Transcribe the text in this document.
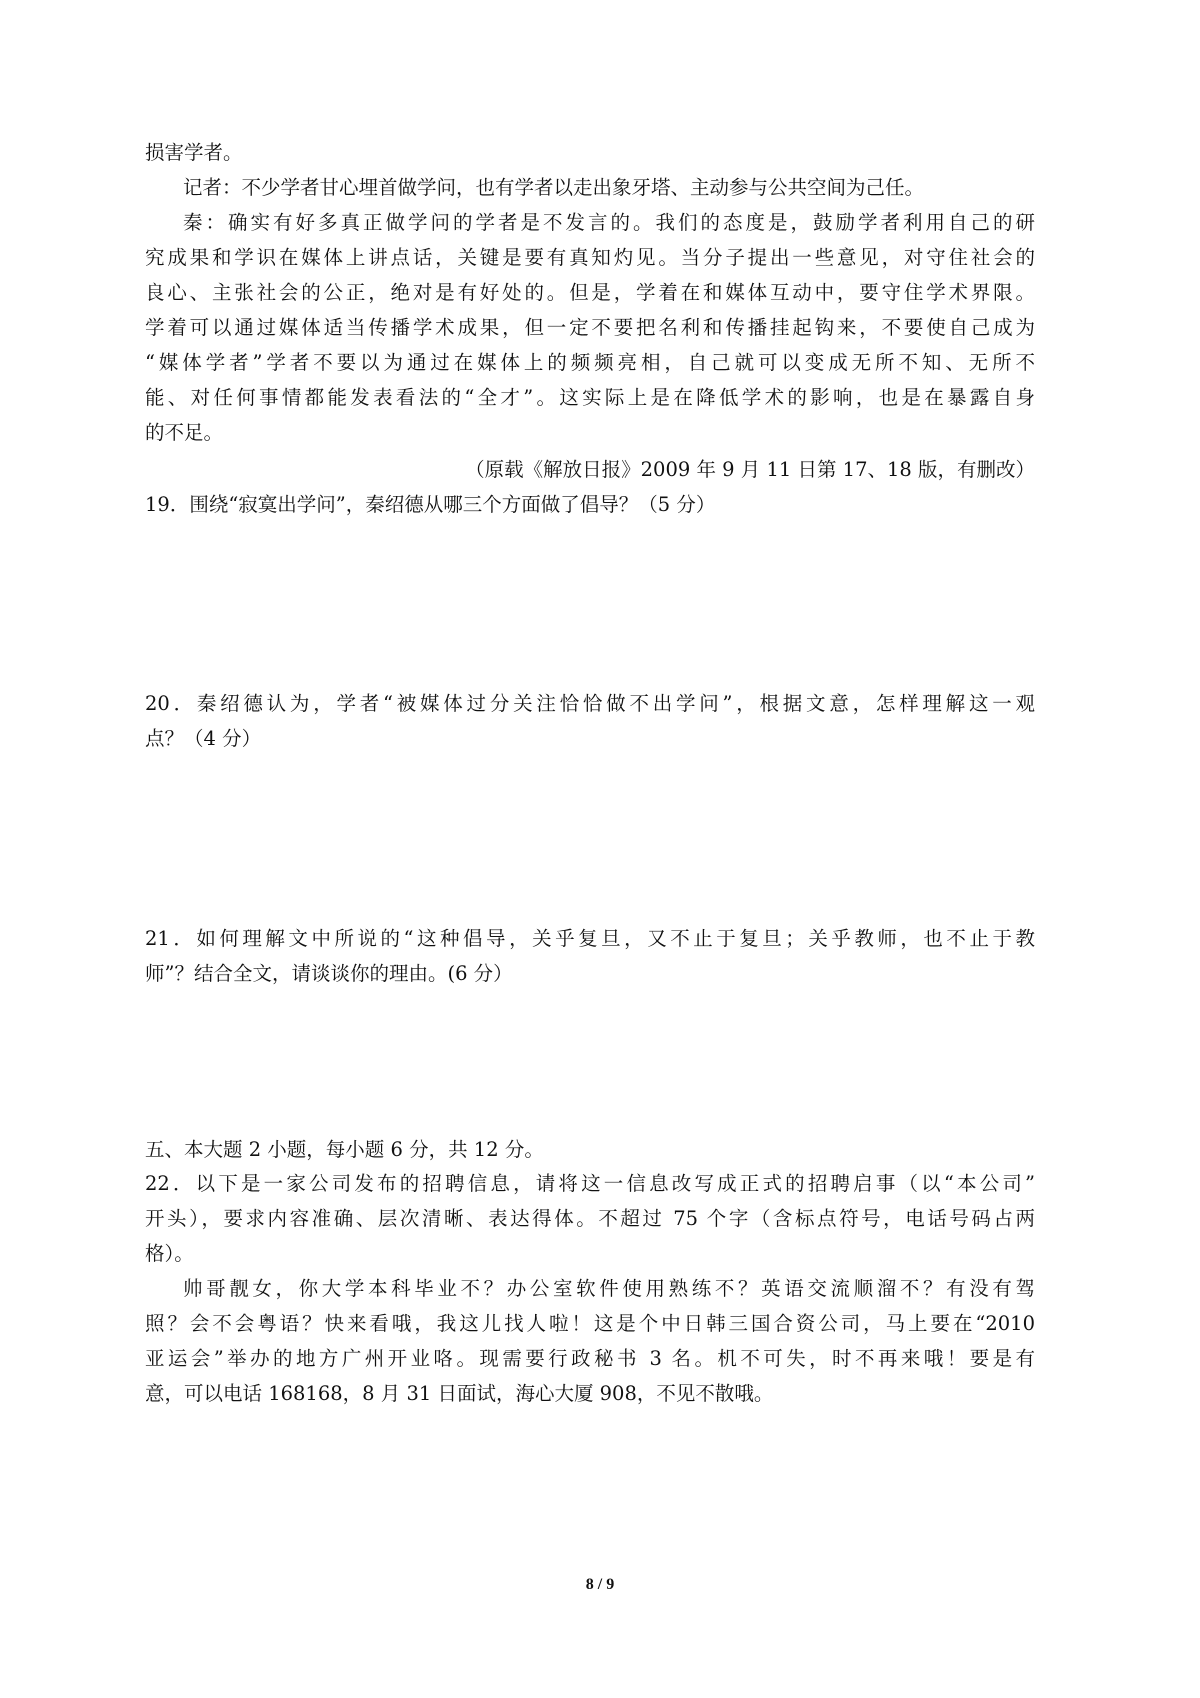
损害学者。
记者：不少学者甘心埋首做学问，也有学者以走出象牙塔、主动参与公共空间为己任。
秦：确实有好多真正做学问的学者是不发言的。我们的态度是，鼓励学者利用自己的研
究成果和学识在媒体上讲点话，关键是要有真知灼见。当分子提出一些意见，对守住社会的
良心、主张社会的公正，绝对是有好处的。但是，学着在和媒体互动中，要守住学术界限。
学着可以通过媒体适当传播学术成果，但一定不要把名利和传播挂起钩来，不要使自己成为
“媒体学者”学者不要以为通过在媒体上的频频亮相，自己就可以变成无所不知、无所不
能、对任何事情都能发表看法的“全才”。这实际上是在降低学术的影响，也是在暴露自身
的不足。
（原载《解放日报》2009 年 9 月 11 日第 17、18 版，有删改）
19．围绕“寂寞出学问”，秦绍德从哪三个方面做了倡导？（5 分）
20．秦绍德认为，学者“被媒体过分关注恰恰做不出学问”，根据文意，怎样理解这一观
点？（4 分）
21．如何理解文中所说的“这种倡导，关乎复旦，又不止于复旦；关乎教师，也不止于教
师”？结合全文，请谈谈你的理由。(6 分）
五、本大题 2 小题，每小题 6 分，共 12 分。
22．以下是一家公司发布的招聘信息，请将这一信息改写成正式的招聘启事（以“本公司”
开头），要求内容准确、层次清晰、表达得体。不超过 75 个字（含标点符号，电话号码占两
格）。
帅哥靓女，你大学本科毕业不？办公室软件使用熟练不？英语交流顺溜不？有没有驾
照？会不会粤语？快来看哦，我这儿找人啦！这是个中日韩三国合资公司，马上要在“2010
亚运会”举办的地方广州开业咯。现需要行政秘书 3 名。机不可失，时不再来哦！要是有
意，可以电话 168168，8 月 31 日面试，海心大厦 908，不见不散哦。
8 / 9
